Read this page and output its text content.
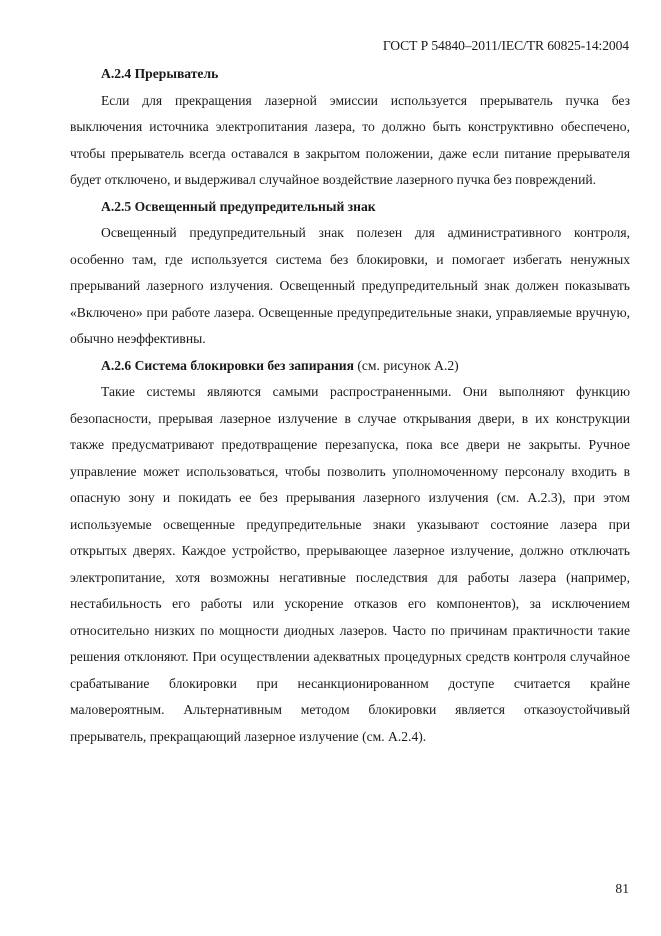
ГОСТ Р 54840–2011/IEC/TR 60825-14:2004

А.2.4 Прерыватель

Если для прекращения лазерной эмиссии используется прерыватель пучка без выключения источника электропитания лазера, то должно быть конструктивно обеспечено, чтобы прерыватель всегда оставался в закрытом положении, даже если питание прерывателя будет отключено, и выдерживал случайное воздействие лазерного пучка без повреждений.

А.2.5 Освещенный предупредительный знак

Освещенный предупредительный знак полезен для административного контроля, особенно там, где используется система без блокировки, и помогает избегать ненужных прерываний лазерного излучения. Освещенный предупредительный знак должен показывать «Включено» при работе лазера. Освещенные предупредительные знаки, управляемые вручную, обычно неэффективны.

А.2.6 Система блокировки без запирания (см. рисунок А.2)

Такие системы являются самыми распространенными. Они выполняют функцию безопасности, прерывая лазерное излучение в случае открывания двери, в их конструкции также предусматривают предотвращение перезапуска, пока все двери не закрыты. Ручное управление может использоваться, чтобы позволить уполномоченному персоналу входить в опасную зону и покидать ее без прерывания лазерного излучения (см. А.2.3), при этом используемые освещенные предупредительные знаки указывают состояние лазера при открытых дверях. Каждое устройство, прерывающее лазерное излучение, должно отключать электропитание, хотя возможны негативные последствия для работы лазера (например, нестабильность его работы или ускорение отказов его компонентов), за исключением относительно низких по мощности диодных лазеров. Часто по причинам практичности такие решения отклоняют. При осуществлении адекватных процедурных средств контроля случайное срабатывание блокировки при несанкционированном доступе считается крайне маловероятным. Альтернативным методом блокировки является отказоустойчивый прерыватель, прекращающий лазерное излучение (см. А.2.4).

81
